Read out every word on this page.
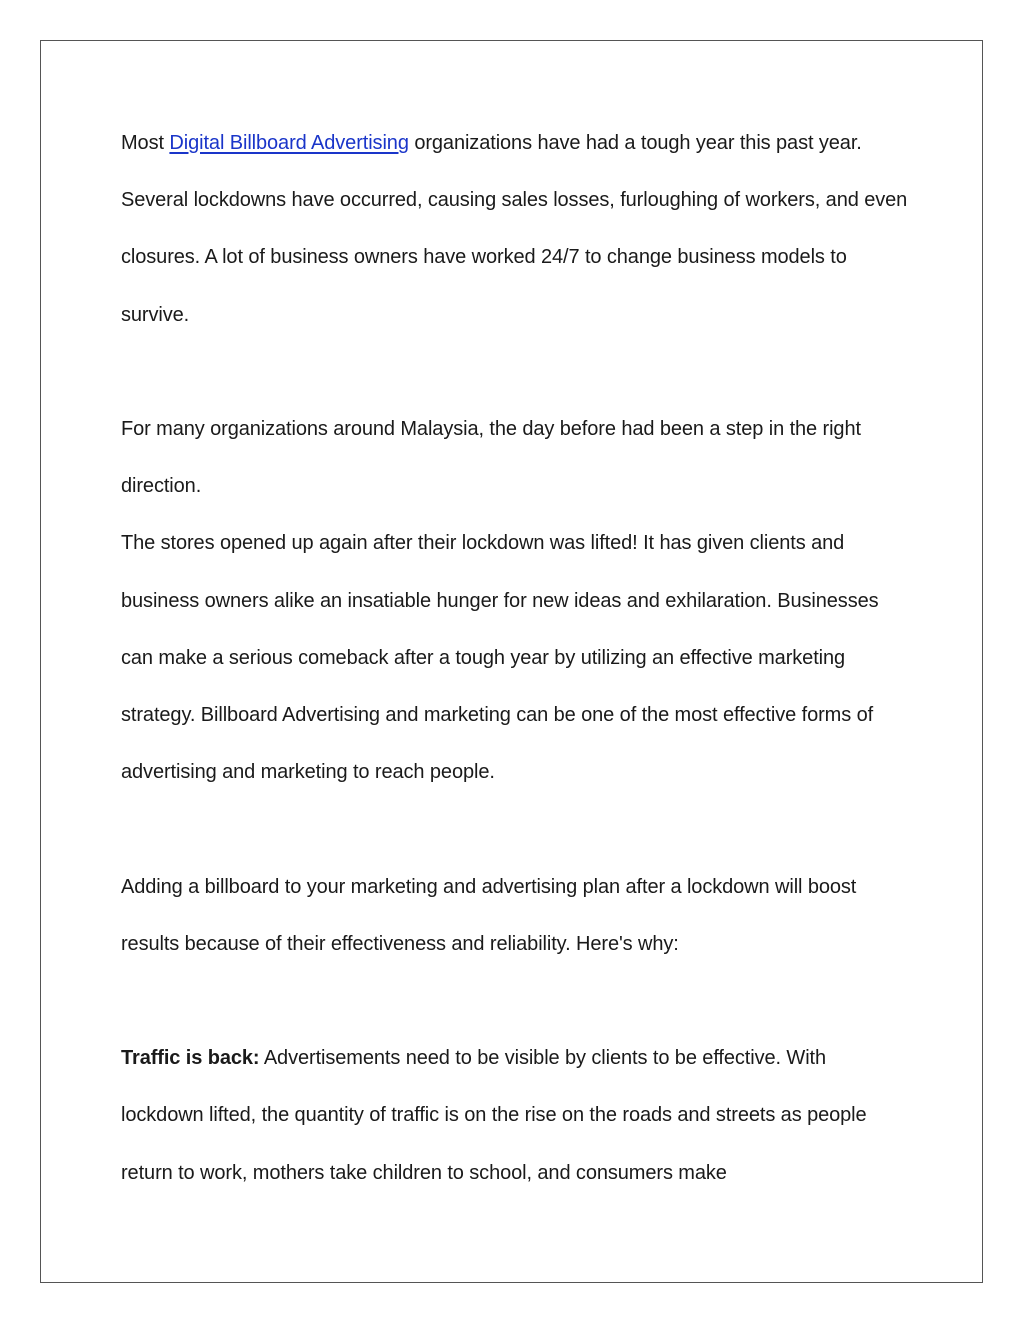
Most Digital Billboard Advertising organizations have had a tough year this past year. Several lockdowns have occurred, causing sales losses, furloughing of workers, and even closures. A lot of business owners have worked 24/7 to change business models to survive.

For many organizations around Malaysia, the day before had been a step in the right direction.

The stores opened up again after their lockdown was lifted! It has given clients and business owners alike an insatiable hunger for new ideas and exhilaration. Businesses can make a serious comeback after a tough year by utilizing an effective marketing strategy. Billboard Advertising and marketing can be one of the most effective forms of advertising and marketing to reach people.

Adding a billboard to your marketing and advertising plan after a lockdown will boost results because of their effectiveness and reliability. Here's why:

Traffic is back: Advertisements need to be visible by clients to be effective. With lockdown lifted, the quantity of traffic is on the rise on the roads and streets as people return to work, mothers take children to school, and consumers make
